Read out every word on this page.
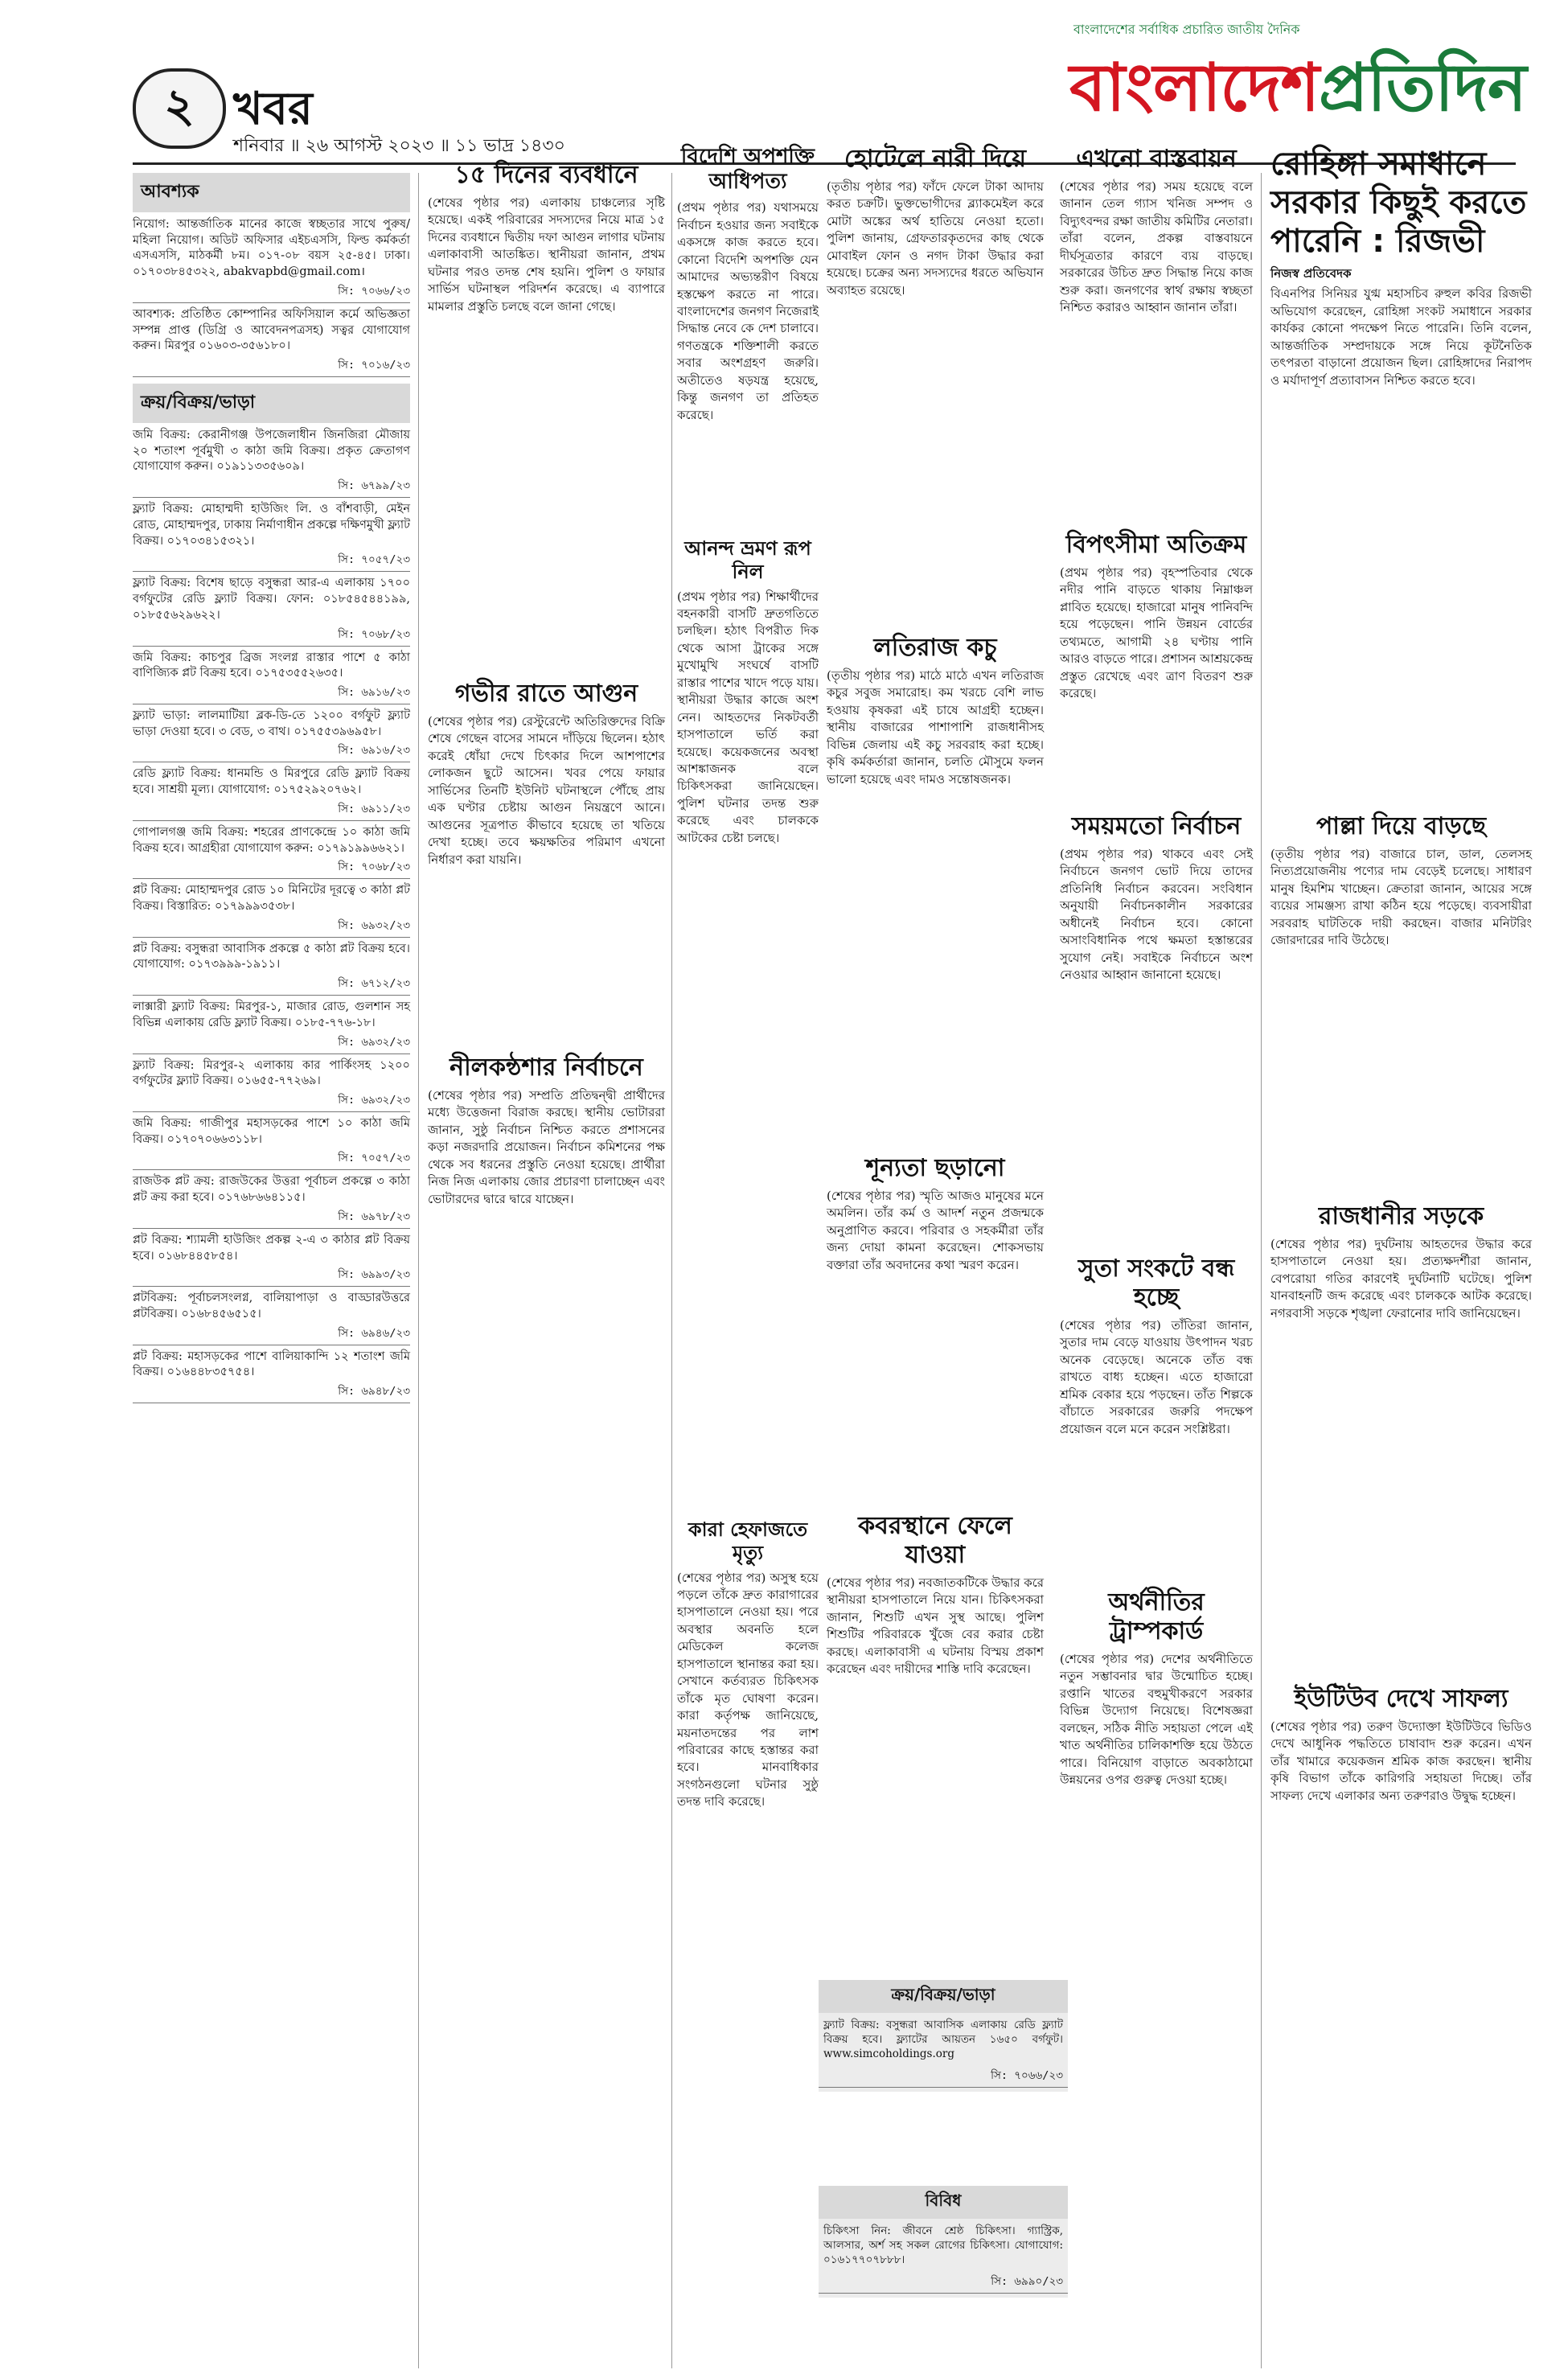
২ খবর
শনিবার ॥ ২৬ আগস্ট ২০২৩ ॥ ১১ ভাদ্র ১৪৩০
বাংলাদেশের সর্বাধিক প্রচারিত জাতীয় দৈনিক
বাংলাদেশপ্রতিদিন
আবশ্যক
নিয়োগ: আন্তর্জাতিক মানের কাজে স্বচ্ছতার সাথে পুরুষ/মহিলা নিয়োগ। অডিট অফিসার এইচএসসি, ফিল্ড কর্মকর্তা এসএসসি, মাঠকর্মী ৮ম। ০১৭-০৮ বয়স ২৫-৪৫। ঢাকা। ০১৭০৩৮৪৫৩২২, abakvapbd@gmail.com।
সি: ৭০৬৬/২৩
আবশ্যক: প্রতিষ্ঠিত কোম্পানির অফিসিয়াল কর্মে অভিজ্ঞতা সম্পন্ন প্রাপ্ত (ডিগ্রি ও আবেদনপত্রসহ) সত্বর যোগাযোগ করুন। মিরপুর ০১৬০৩-৩৫৬১৮০।
সি: ৭০১৬/২৩
ক্রয়/বিক্রয়/ভাড়া
জমি বিক্রয়: কেরানীগঞ্জ উপজেলাধীন জিনজিরা মৌজায় ২০ শতাংশ পূর্বমুখী ৩ কাঠা জমি বিক্রয়। প্রকৃত ক্রেতাগণ যোগাযোগ করুন। ০১৯১১৩৩৫৬০৯।
সি: ৬৭৯৯/২৩
ফ্ল্যাট বিক্রয়: মোহাম্মদী হাউজিং লি. ও বাঁশবাড়ী, মেইন রোড, মোহাম্মদপুর, ঢাকায় নির্মাণাধীন প্রকল্পে দক্ষিণমুখী ফ্ল্যাট বিক্রয়। ০১৭০৩৪১৫৩২১।
সি: ৭০৫৭/২৩
ফ্ল্যাট বিক্রয়: বিশেষ ছাড়ে বসুন্ধরা আর-এ এলাকায় ১৭০০ বর্গফুটের রেডি ফ্ল্যাট বিক্রয়। ফোন: ০১৮৫৪৫৪৪১৯৯, ০১৮৫৫৬২৯৬২২।
সি: ৭০৬৮/২৩
জমি বিক্রয়: কাচপুর ব্রিজ সংলগ্ন রাস্তার পাশে ৫ কাঠা বাণিজ্যিক প্লট বিক্রয় হবে। ০১৭৫৩৫৫২৬৩৫।
সি: ৬৯১৬/২৩
ফ্ল্যাট ভাড়া: লালমাটিয়া ব্লক-ডি-তে ১২০০ বর্গফুট ফ্ল্যাট ভাড়া দেওয়া হবে। ৩ বেড, ৩ বাথ। ০১৭৫৫৩৯৬৯৫৮।
সি: ৬৯১৬/২৩
রেডি ফ্ল্যাট বিক্রয়: ধানমন্ডি ও মিরপুরে রেডি ফ্ল্যাট বিক্রয় হবে। সাশ্রয়ী মূল্য। যোগাযোগ: ০১৭৫২৯২০৭৬২।
সি: ৬৯১১/২৩
গোপালগঞ্জ জমি বিক্রয়: শহরের প্রাণকেন্দ্রে ১০ কাঠা জমি বিক্রয় হবে। আগ্রহীরা যোগাযোগ করুন: ০১৭৯১৯৯৬৬২১।
সি: ৭০৬৮/২৩
প্লট বিক্রয়: মোহাম্মদপুর রোড ১০ মিনিটের দূরত্বে ৩ কাঠা প্লট বিক্রয়। বিস্তারিত: ০১৭৯৯৯৩৫৩৮।
সি: ৬৯৩২/২৩
প্লট বিক্রয়: বসুন্ধরা আবাসিক প্রকল্পে ৫ কাঠা প্লট বিক্রয় হবে। যোগাযোগ: ০১৭৩৯৯৯-১৯১১।
সি: ৬৭১২/২৩
লাক্সারী ফ্ল্যাট বিক্রয়: মিরপুর-১, মাজার রোড, গুলশান সহ বিভিন্ন এলাকায় রেডি ফ্ল্যাট বিক্রয়। ০১৮৫-৭৭৬-১৮।
সি: ৬৯৩২/২৩
ফ্ল্যাট বিক্রয়: মিরপুর-২ এলাকায় কার পার্কিংসহ ১২০০ বর্গফুটের ফ্ল্যাট বিক্রয়। ০১৬৫৫-৭৭২৬৯।
সি: ৬৯৩২/২৩
জমি বিক্রয়: গাজীপুর মহাসড়কের পাশে ১০ কাঠা জমি বিক্রয়। ০১৭০৭০৬৬৩১১৮।
সি: ৭০৫৭/২৩
রাজউক প্লট ক্রয়: রাজউকের উত্তরা পূর্বাচল প্রকল্পে ৩ কাঠা প্লট ক্রয় করা হবে। ০১৭৬৮৬৬৪১১৫।
সি: ৬৯৭৮/২৩
প্লট বিক্রয়: শ্যামলী হাউজিং প্রকল্প ২-এ ৩ কাঠার প্লট বিক্রয় হবে। ০১৬৮৪৪৫৮৫৪।
সি: ৬৯৯৩/২৩
প্লটবিক্রয়: পূর্বাচলসংলগ্ন, বালিয়াপাড়া ও বাড্ডারউত্তরে প্লটবিক্রয়। ০১৬৮৪৫৬৫১৫।
সি: ৬৯৪৬/২৩
প্লট বিক্রয়: মহাসড়কের পাশে বালিয়াকান্দি ১২ শতাংশ জমি বিক্রয়। ০১৬৪৪৮৩৫৭৫৪।
সি: ৬৯৪৮/২৩
১৫ দিনের ব্যবধানে
(শেষের পৃষ্ঠার পর) এলাকায় চাঞ্চল্যের সৃষ্টি হয়েছে। একই পরিবারের সদস্যদের নিয়ে মাত্র ১৫ দিনের ব্যবধানে দ্বিতীয় দফা আগুন লাগার ঘটনায় এলাকাবাসী আতঙ্কিত। স্থানীয়রা জানান, প্রথম ঘটনার পরও তদন্ত শেষ হয়নি। পুলিশ ও ফায়ার সার্ভিস ঘটনাস্থল পরিদর্শন করেছে। এ ব্যাপারে মামলার প্রস্তুতি চলছে বলে জানা গেছে।
গভীর রাতে আগুন
(শেষের পৃষ্ঠার পর) রেস্টুরেন্টে অতিরিক্তদের বিক্রি শেষে গেছেন বাসের সামনে দাঁড়িয়ে ছিলেন। হঠাৎ করেই ধোঁয়া দেখে চিৎকার দিলে আশপাশের লোকজন ছুটে আসেন। খবর পেয়ে ফায়ার সার্ভিসের তিনটি ইউনিট ঘটনাস্থলে পৌঁছে প্রায় এক ঘণ্টার চেষ্টায় আগুন নিয়ন্ত্রণে আনে। আগুনের সূত্রপাত কীভাবে হয়েছে তা খতিয়ে দেখা হচ্ছে। তবে ক্ষয়ক্ষতির পরিমাণ এখনো নির্ধারণ করা যায়নি।
নীলকন্ঠশার নির্বাচনে
(শেষের পৃষ্ঠার পর) সম্প্রতি প্রতিদ্বন্দ্বী প্রার্থীদের মধ্যে উত্তেজনা বিরাজ করছে। স্থানীয় ভোটাররা জানান, সুষ্ঠু নির্বাচন নিশ্চিত করতে প্রশাসনের কড়া নজরদারি প্রয়োজন। নির্বাচন কমিশনের পক্ষ থেকে সব ধরনের প্রস্তুতি নেওয়া হয়েছে। প্রার্থীরা নিজ নিজ এলাকায় জোর প্রচারণা চালাচ্ছেন এবং ভোটারদের দ্বারে দ্বারে যাচ্ছেন।
বিদেশি অপশক্তি আধিপত্য
(প্রথম পৃষ্ঠার পর) যথাসময়ে নির্বাচন হওয়ার জন্য সবাইকে একসঙ্গে কাজ করতে হবে। কোনো বিদেশি অপশক্তি যেন আমাদের অভ্যন্তরীণ বিষয়ে হস্তক্ষেপ করতে না পারে। বাংলাদেশের জনগণ নিজেরাই সিদ্ধান্ত নেবে কে দেশ চালাবে। গণতন্ত্রকে শক্তিশালী করতে সবার অংশগ্রহণ জরুরি। অতীতেও ষড়যন্ত্র হয়েছে, কিন্তু জনগণ তা প্রতিহত করেছে।
আনন্দ ভ্রমণ রূপ নিল
(প্রথম পৃষ্ঠার পর) শিক্ষার্থীদের বহনকারী বাসটি দ্রুতগতিতে চলছিল। হঠাৎ বিপরীত দিক থেকে আসা ট্রাকের সঙ্গে মুখোমুখি সংঘর্ষে বাসটি রাস্তার পাশের খাদে পড়ে যায়। স্থানীয়রা উদ্ধার কাজে অংশ নেন। আহতদের নিকটবর্তী হাসপাতালে ভর্তি করা হয়েছে। কয়েকজনের অবস্থা আশঙ্কাজনক বলে চিকিৎসকরা জানিয়েছেন। পুলিশ ঘটনার তদন্ত শুরু করেছে এবং চালককে আটকের চেষ্টা চলছে।
কারা হেফাজতে মৃত্যু
(শেষের পৃষ্ঠার পর) অসুস্থ হয়ে পড়লে তাঁকে দ্রুত কারাগারের হাসপাতালে নেওয়া হয়। পরে অবস্থার অবনতি হলে মেডিকেল কলেজ হাসপাতালে স্থানান্তর করা হয়। সেখানে কর্তব্যরত চিকিৎসক তাঁকে মৃত ঘোষণা করেন। কারা কর্তৃপক্ষ জানিয়েছে, ময়নাতদন্তের পর লাশ পরিবারের কাছে হস্তান্তর করা হবে। মানবাধিকার সংগঠনগুলো ঘটনার সুষ্ঠু তদন্ত দাবি করেছে।
হোটেলে নারী দিয়ে
(তৃতীয় পৃষ্ঠার পর) ফাঁদে ফেলে টাকা আদায় করত চক্রটি। ভুক্তভোগীদের ব্ল্যাকমেইল করে মোটা অঙ্কের অর্থ হাতিয়ে নেওয়া হতো। পুলিশ জানায়, গ্রেফতারকৃতদের কাছ থেকে মোবাইল ফোন ও নগদ টাকা উদ্ধার করা হয়েছে। চক্রের অন্য সদস্যদের ধরতে অভিযান অব্যাহত রয়েছে।
লতিরাজ কচু
(তৃতীয় পৃষ্ঠার পর) মাঠে মাঠে এখন লতিরাজ কচুর সবুজ সমারোহ। কম খরচে বেশি লাভ হওয়ায় কৃষকরা এই চাষে আগ্রহী হচ্ছেন। স্থানীয় বাজারের পাশাপাশি রাজধানীসহ বিভিন্ন জেলায় এই কচু সরবরাহ করা হচ্ছে। কৃষি কর্মকর্তারা জানান, চলতি মৌসুমে ফলন ভালো হয়েছে এবং দামও সন্তোষজনক।
শূন্যতা ছড়ানো
(শেষের পৃষ্ঠার পর) স্মৃতি আজও মানুষের মনে অমলিন। তাঁর কর্ম ও আদর্শ নতুন প্রজন্মকে অনুপ্রাণিত করবে। পরিবার ও সহকর্মীরা তাঁর জন্য দোয়া কামনা করেছেন। শোকসভায় বক্তারা তাঁর অবদানের কথা স্মরণ করেন।
কবরস্থানে ফেলে যাওয়া
(শেষের পৃষ্ঠার পর) নবজাতকটিকে উদ্ধার করে স্থানীয়রা হাসপাতালে নিয়ে যান। চিকিৎসকরা জানান, শিশুটি এখন সুস্থ আছে। পুলিশ শিশুটির পরিবারকে খুঁজে বের করার চেষ্টা করছে। এলাকাবাসী এ ঘটনায় বিস্ময় প্রকাশ করেছেন এবং দায়ীদের শাস্তি দাবি করেছেন।
এখনো বাস্তবায়ন
(শেষের পৃষ্ঠার পর) সময় হয়েছে বলে জানান তেল গ্যাস খনিজ সম্পদ ও বিদ্যুৎবন্দর রক্ষা জাতীয় কমিটির নেতারা। তাঁরা বলেন, প্রকল্প বাস্তবায়নে দীর্ঘসূত্রতার কারণে ব্যয় বাড়ছে। সরকারের উচিত দ্রুত সিদ্ধান্ত নিয়ে কাজ শুরু করা। জনগণের স্বার্থ রক্ষায় স্বচ্ছতা নিশ্চিত করারও আহ্বান জানান তাঁরা।
বিপৎসীমা অতিক্রম
(প্রথম পৃষ্ঠার পর) বৃহস্পতিবার থেকে নদীর পানি বাড়তে থাকায় নিম্নাঞ্চল প্লাবিত হয়েছে। হাজারো মানুষ পানিবন্দি হয়ে পড়েছেন। পানি উন্নয়ন বোর্ডের তথ্যমতে, আগামী ২৪ ঘণ্টায় পানি আরও বাড়তে পারে। প্রশাসন আশ্রয়কেন্দ্র প্রস্তুত রেখেছে এবং ত্রাণ বিতরণ শুরু করেছে।
সময়মতো নির্বাচন
(প্রথম পৃষ্ঠার পর) থাকবে এবং সেই নির্বাচনে জনগণ ভোট দিয়ে তাদের প্রতিনিধি নির্বাচন করবেন। সংবিধান অনুযায়ী নির্বাচনকালীন সরকারের অধীনেই নির্বাচন হবে। কোনো অসাংবিধানিক পথে ক্ষমতা হস্তান্তরের সুযোগ নেই। সবাইকে নির্বাচনে অংশ নেওয়ার আহ্বান জানানো হয়েছে।
সুতা সংকটে বন্ধ হচ্ছে
(শেষের পৃষ্ঠার পর) তাঁতিরা জানান, সুতার দাম বেড়ে যাওয়ায় উৎপাদন খরচ অনেক বেড়েছে। অনেকে তাঁত বন্ধ রাখতে বাধ্য হচ্ছেন। এতে হাজারো শ্রমিক বেকার হয়ে পড়ছেন। তাঁত শিল্পকে বাঁচাতে সরকারের জরুরি পদক্ষেপ প্রয়োজন বলে মনে করেন সংশ্লিষ্টরা।
অর্থনীতির ট্রাম্পকার্ড
(শেষের পৃষ্ঠার পর) দেশের অর্থনীতিতে নতুন সম্ভাবনার দ্বার উন্মোচিত হচ্ছে। রপ্তানি খাতের বহুমুখীকরণে সরকার বিভিন্ন উদ্যোগ নিয়েছে। বিশেষজ্ঞরা বলছেন, সঠিক নীতি সহায়তা পেলে এই খাত অর্থনীতির চালিকাশক্তি হয়ে উঠতে পারে। বিনিয়োগ বাড়াতে অবকাঠামো উন্নয়নের ওপর গুরুত্ব দেওয়া হচ্ছে।
রোহিঙ্গা সমাধানে সরকার কিছুই করতে পারেনি : রিজভী
নিজস্ব প্রতিবেদক
বিএনপির সিনিয়র যুগ্ম মহাসচিব রুহুল কবির রিজভী অভিযোগ করেছেন, রোহিঙ্গা সংকট সমাধানে সরকার কার্যকর কোনো পদক্ষেপ নিতে পারেনি। তিনি বলেন, আন্তর্জাতিক সম্প্রদায়কে সঙ্গে নিয়ে কূটনৈতিক তৎপরতা বাড়ানো প্রয়োজন ছিল। রোহিঙ্গাদের নিরাপদ ও মর্যাদাপূর্ণ প্রত্যাবাসন নিশ্চিত করতে হবে।
পাল্লা দিয়ে বাড়ছে
(তৃতীয় পৃষ্ঠার পর) বাজারে চাল, ডাল, তেলসহ নিত্যপ্রয়োজনীয় পণ্যের দাম বেড়েই চলেছে। সাধারণ মানুষ হিমশিম খাচ্ছেন। ক্রেতারা জানান, আয়ের সঙ্গে ব্যয়ের সামঞ্জস্য রাখা কঠিন হয়ে পড়েছে। ব্যবসায়ীরা সরবরাহ ঘাটতিকে দায়ী করছেন। বাজার মনিটরিং জোরদারের দাবি উঠেছে।
রাজধানীর সড়কে
(শেষের পৃষ্ঠার পর) দুর্ঘটনায় আহতদের উদ্ধার করে হাসপাতালে নেওয়া হয়। প্রত্যক্ষদর্শীরা জানান, বেপরোয়া গতির কারণেই দুর্ঘটনাটি ঘটেছে। পুলিশ যানবাহনটি জব্দ করেছে এবং চালককে আটক করেছে। নগরবাসী সড়কে শৃঙ্খলা ফেরানোর দাবি জানিয়েছেন।
ইউটিউব দেখে সাফল্য
(শেষের পৃষ্ঠার পর) তরুণ উদ্যোক্তা ইউটিউবে ভিডিও দেখে আধুনিক পদ্ধতিতে চাষাবাদ শুরু করেন। এখন তাঁর খামারে কয়েকজন শ্রমিক কাজ করছেন। স্থানীয় কৃষি বিভাগ তাঁকে কারিগরি সহায়তা দিচ্ছে। তাঁর সাফল্য দেখে এলাকার অন্য তরুণরাও উদ্বুদ্ধ হচ্ছেন।
ক্রয়/বিক্রয়/ভাড়া
ফ্ল্যাট বিক্রয়: বসুন্ধরা আবাসিক এলাকায় রেডি ফ্ল্যাট বিক্রয় হবে। ফ্ল্যাটের আয়তন ১৬৫০ বর্গফুট। www.simcoholdings.org
সি: ৭০৬৬/২৩
বিবিধ
চিকিৎসা নিন: জীবনে শ্রেষ্ঠ চিকিৎসা। গ্যাস্ট্রিক, আলসার, অর্শ সহ সকল রোগের চিকিৎসা। যোগাযোগ: ০১৬১৭৭০৭৮৮৮।
সি: ৬৯৯০/২৩
